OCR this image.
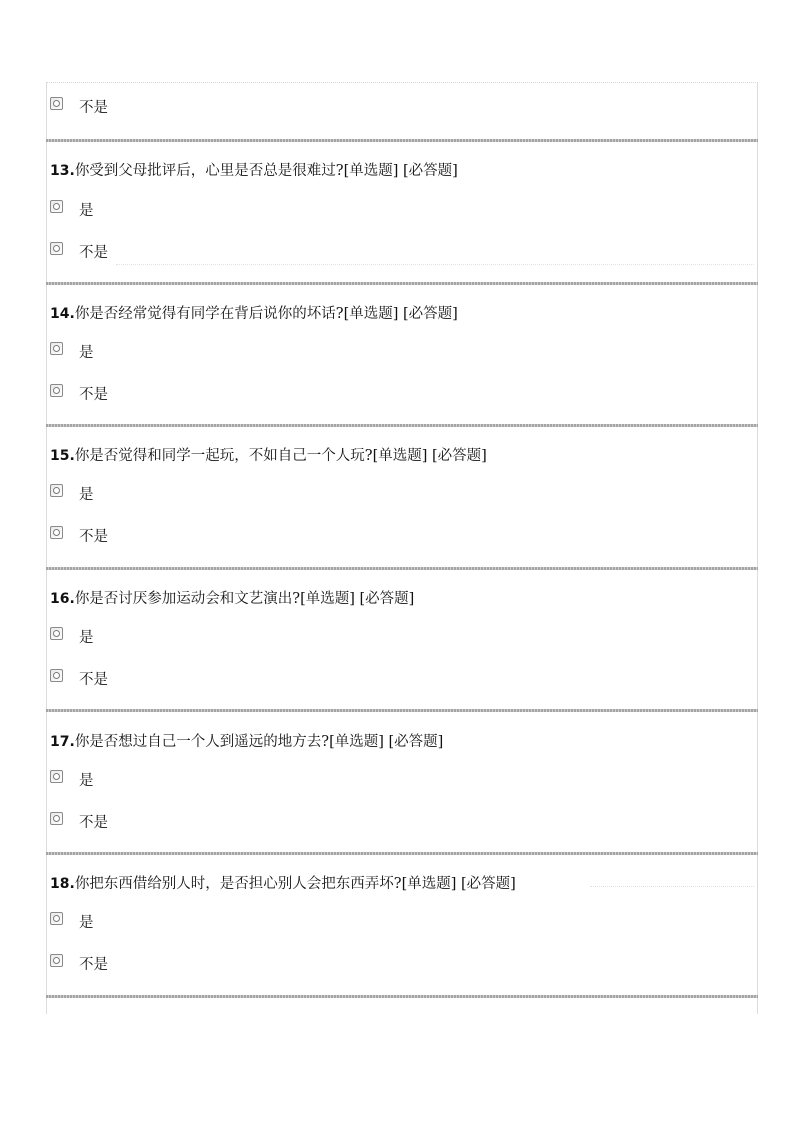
不是
13.你受到父母批评后，心里是否总是很难过?[单选题] [必答题]
是
不是
14.你是否经常觉得有同学在背后说你的坏话?[单选题] [必答题]
是
不是
15.你是否觉得和同学一起玩，不如自己一个人玩?[单选题] [必答题]
是
不是
16.你是否讨厌参加运动会和文艺演出?[单选题] [必答题]
是
不是
17.你是否想过自己一个人到遥远的地方去?[单选题] [必答题]
是
不是
18.你把东西借给别人时，是否担心别人会把东西弄坏?[单选题] [必答题]
是
不是
